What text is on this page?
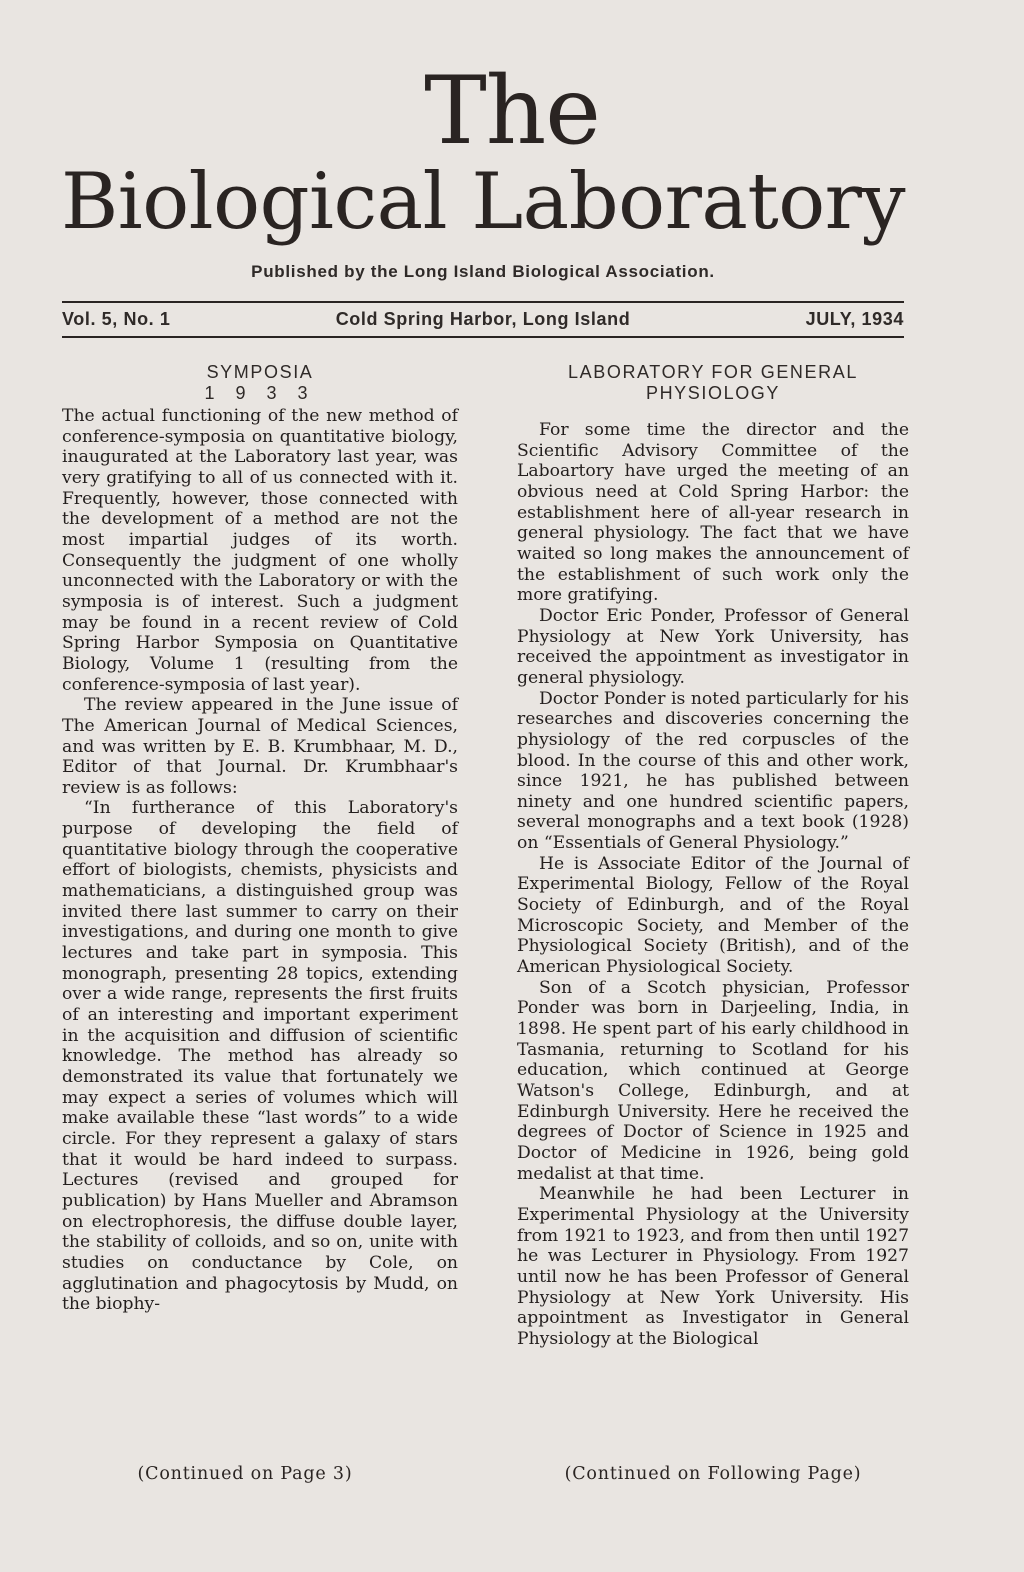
The
Biological Laboratory
Published by the Long Island Biological Association.
Vol. 5, No. 1	Cold Spring Harbor, Long Island	JULY, 1934
SYMPOSIA
1 9 3 3

The actual functioning of the new method of conference-symposia on quantitative biology, inaugurated at the Laboratory last year, was very gratifying to all of us connected with it. Frequently, however, those connected with the development of a method are not the most impartial judges of its worth. Consequently the judgment of one wholly unconnected with the Laboratory or with the symposia is of interest. Such a judgment may be found in a recent review of Cold Spring Harbor Symposia on Quantitative Biology, Volume 1 (resulting from the conference-symposia of last year).

The review appeared in the June issue of The American Journal of Medical Sciences, and was written by E. B. Krumbhaar, M. D., Editor of that Journal. Dr. Krumbhaar's review is as follows:

“In furtherance of this Laboratory's purpose of developing the field of quantitative biology through the cooperative effort of biologists, chemists, physicists and mathematicians, a distinguished group was invited there last summer to carry on their investigations, and during one month to give lectures and take part in symposia. This monograph, presenting 28 topics, extending over a wide range, represents the first fruits of an interesting and important experiment in the acquisition and diffusion of scientific knowledge. The method has already so demonstrated its value that fortunately we may expect a series of volumes which will make available these “last words” to a wide circle. For they represent a galaxy of stars that it would be hard indeed to surpass. Lectures (revised and grouped for publication) by Hans Mueller and Abramson on electrophoresis, the diffuse double layer, the stability of colloids, and so on, unite with studies on conductance by Cole, on agglutination and phagocytosis by Mudd, on the biophy-

(Continued on Page 3)
LABORATORY FOR GENERAL
PHYSIOLOGY

For some time the director and the Scientific Advisory Committee of the Laboartory have urged the meeting of an obvious need at Cold Spring Harbor: the establishment here of all-year research in general physiology. The fact that we have waited so long makes the announcement of the establishment of such work only the more gratifying.

Doctor Eric Ponder, Professor of General Physiology at New York University, has received the appointment as investigator in general physiology.

Doctor Ponder is noted particularly for his researches and discoveries concerning the physiology of the red corpuscles of the blood. In the course of this and other work, since 1921, he has published between ninety and one hundred scientific papers, several monographs and a text book (1928) on “Essentials of General Physiology.”

He is Associate Editor of the Journal of Experimental Biology, Fellow of the Royal Society of Edinburgh, and of the Royal Microscopic Society, and Member of the Physiological Society (British), and of the American Physiological Society.

Son of a Scotch physician, Professor Ponder was born in Darjeeling, India, in 1898. He spent part of his early childhood in Tasmania, returning to Scotland for his education, which continued at George Watson's College, Edinburgh, and at Edinburgh University. Here he received the degrees of Doctor of Science in 1925 and Doctor of Medicine in 1926, being gold medalist at that time.

Meanwhile he had been Lecturer in Experimental Physiology at the University from 1921 to 1923, and from then until 1927 he was Lecturer in Physiology. From 1927 until now he has been Professor of General Physiology at New York University. His appointment as Investigator in General Physiology at the Biological

(Continued on Following Page)
